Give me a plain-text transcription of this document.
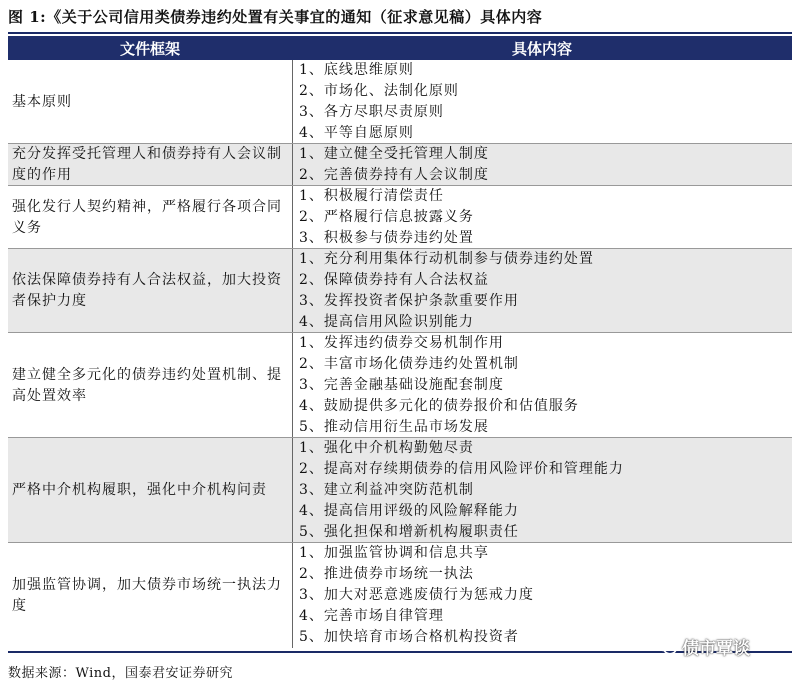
图 1:《关于公司信用类债券违约处置有关事宜的通知（征求意见稿）具体内容
文件框架	具体内容
基本原则
1、底线思维原则
2、市场化、法制化原则
3、各方尽职尽责原则
4、平等自愿原则
充分发挥受托管理人和债券持有人会议制度的作用
1、建立健全受托管理人制度
2、完善债券持有人会议制度
强化发行人契约精神，严格履行各项合同义务
1、积极履行清偿责任
2、严格履行信息披露义务
3、积极参与债券违约处置
依法保障债券持有人合法权益，加大投资者保护力度
1、充分利用集体行动机制参与债券违约处置
2、保障债券持有人合法权益
3、发挥投资者保护条款重要作用
4、提高信用风险识别能力
建立健全多元化的债券违约处置机制、提高处置效率
1、发挥违约债券交易机制作用
2、丰富市场化债券违约处置机制
3、完善金融基础设施配套制度
4、鼓励提供多元化的债券报价和估值服务
5、推动信用衍生品市场发展
严格中介机构履职，强化中介机构问责
1、强化中介机构勤勉尽责
2、提高对存续期债券的信用风险评价和管理能力
3、建立利益冲突防范机制
4、提高信用评级的风险解释能力
5、强化担保和增新机构履职责任
加强监管协调，加大债券市场统一执法力度
1、加强监管协调和信息共享
2、推进债券市场统一执法
3、加大对恶意逃废债行为惩戒力度
4、完善市场自律管理
5、加快培育市场合格机构投资者
数据来源：Wind，国泰君安证券研究
债市覃谈
